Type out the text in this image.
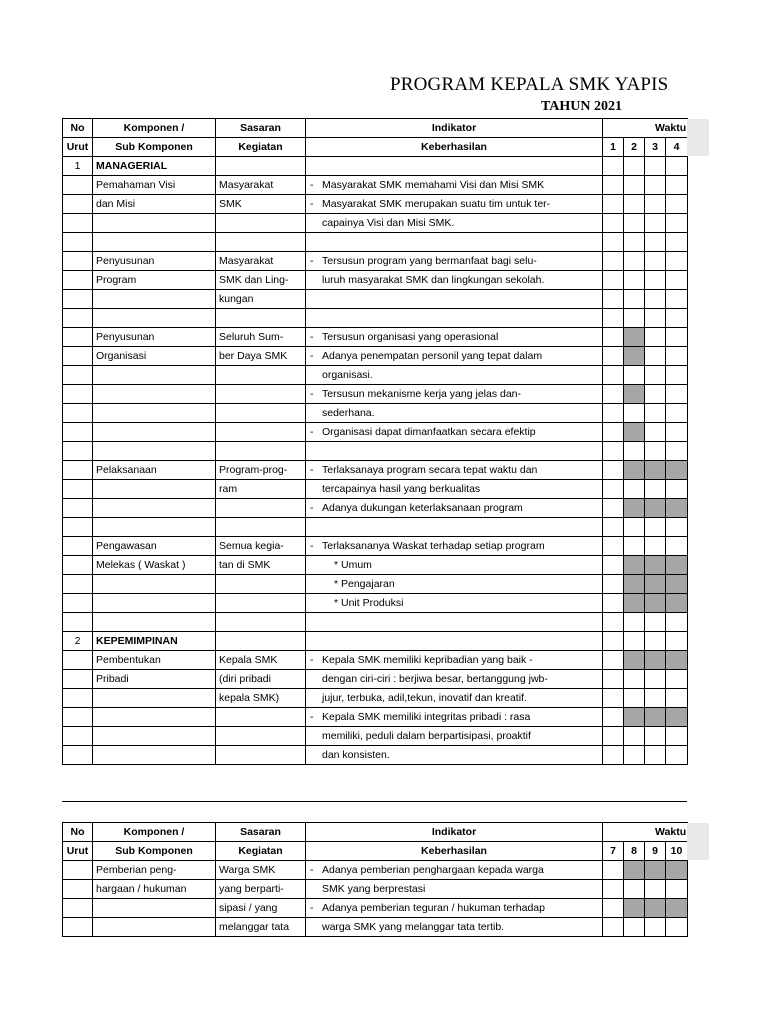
PROGRAM KEPALA SMK YAPIS
TAHUN 2021
No	Komponen /	Sasaran	Indikator				
Urut	Sub Komponen	Kegiatan	Keberhasilan	1	2	3	4
1	MANAGERIAL						
	Pemahaman Visi	Masyarakat	- Masyarakat SMK memahami Visi dan Misi SMK				
	dan Misi	SMK	- Masyarakat SMK merupakan suatu tim untuk ter-				
			capainya Visi dan Misi SMK.				

	Penyusunan	Masyarakat	- Tersusun program yang bermanfaat bagi selu-				
	Program	SMK dan Ling-	luruh masyarakat SMK dan lingkungan sekolah.				
		kungan					

	Penyusunan	Seluruh Sum-	- Tersusun organisasi yang operasional				
	Organisasi	ber Daya SMK	- Adanya penempatan personil yang tepat dalam				
			organisasi.				
			- Tersusun mekanisme kerja yang jelas dan-				
			sederhana.				
			- Organisasi dapat dimanfaatkan secara efektip				

	Pelaksanaan	Program-prog-	- Terlaksanaya program secara tepat waktu dan				
		ram	tercapainya hasil yang berkualitas				
			- Adanya dukungan keterlaksanaan program				

	Pengawasan	Semua kegia-	- Terlaksananya Waskat terhadap setiap program				
	Melekas ( Waskat )	tan di SMK	* Umum				
			* Pengajaran				
			* Unit Produksi				

2	KEPEMIMPINAN						
	Pembentukan	Kepala SMK	- Kepala SMK memiliki kepribadian yang baik -				
	Pribadi	(diri pribadi	dengan ciri-ciri : berjiwa besar, bertanggung jwb-				
		kepala SMK)	jujur, terbuka, adil,tekun, inovatif dan kreatif.				
			- Kepala SMK memiliki integritas pribadi : rasa				
			memiliki, peduli dalam berpartisipasi, proaktif				
			dan konsisten.				
Waktu
No	Komponen /	Sasaran	Indikator				
Urut	Sub Komponen	Kegiatan	Keberhasilan	7	8	9	10
	Pemberian peng-	Warga SMK	- Adanya pemberian penghargaan kepada warga				
	hargaan / hukuman	yang berparti-	SMK yang berprestasi				
		sipasi / yang	- Adanya pemberian teguran / hukuman terhadap				
		melanggar tata	warga SMK yang melanggar tata tertib.				
Waktu
